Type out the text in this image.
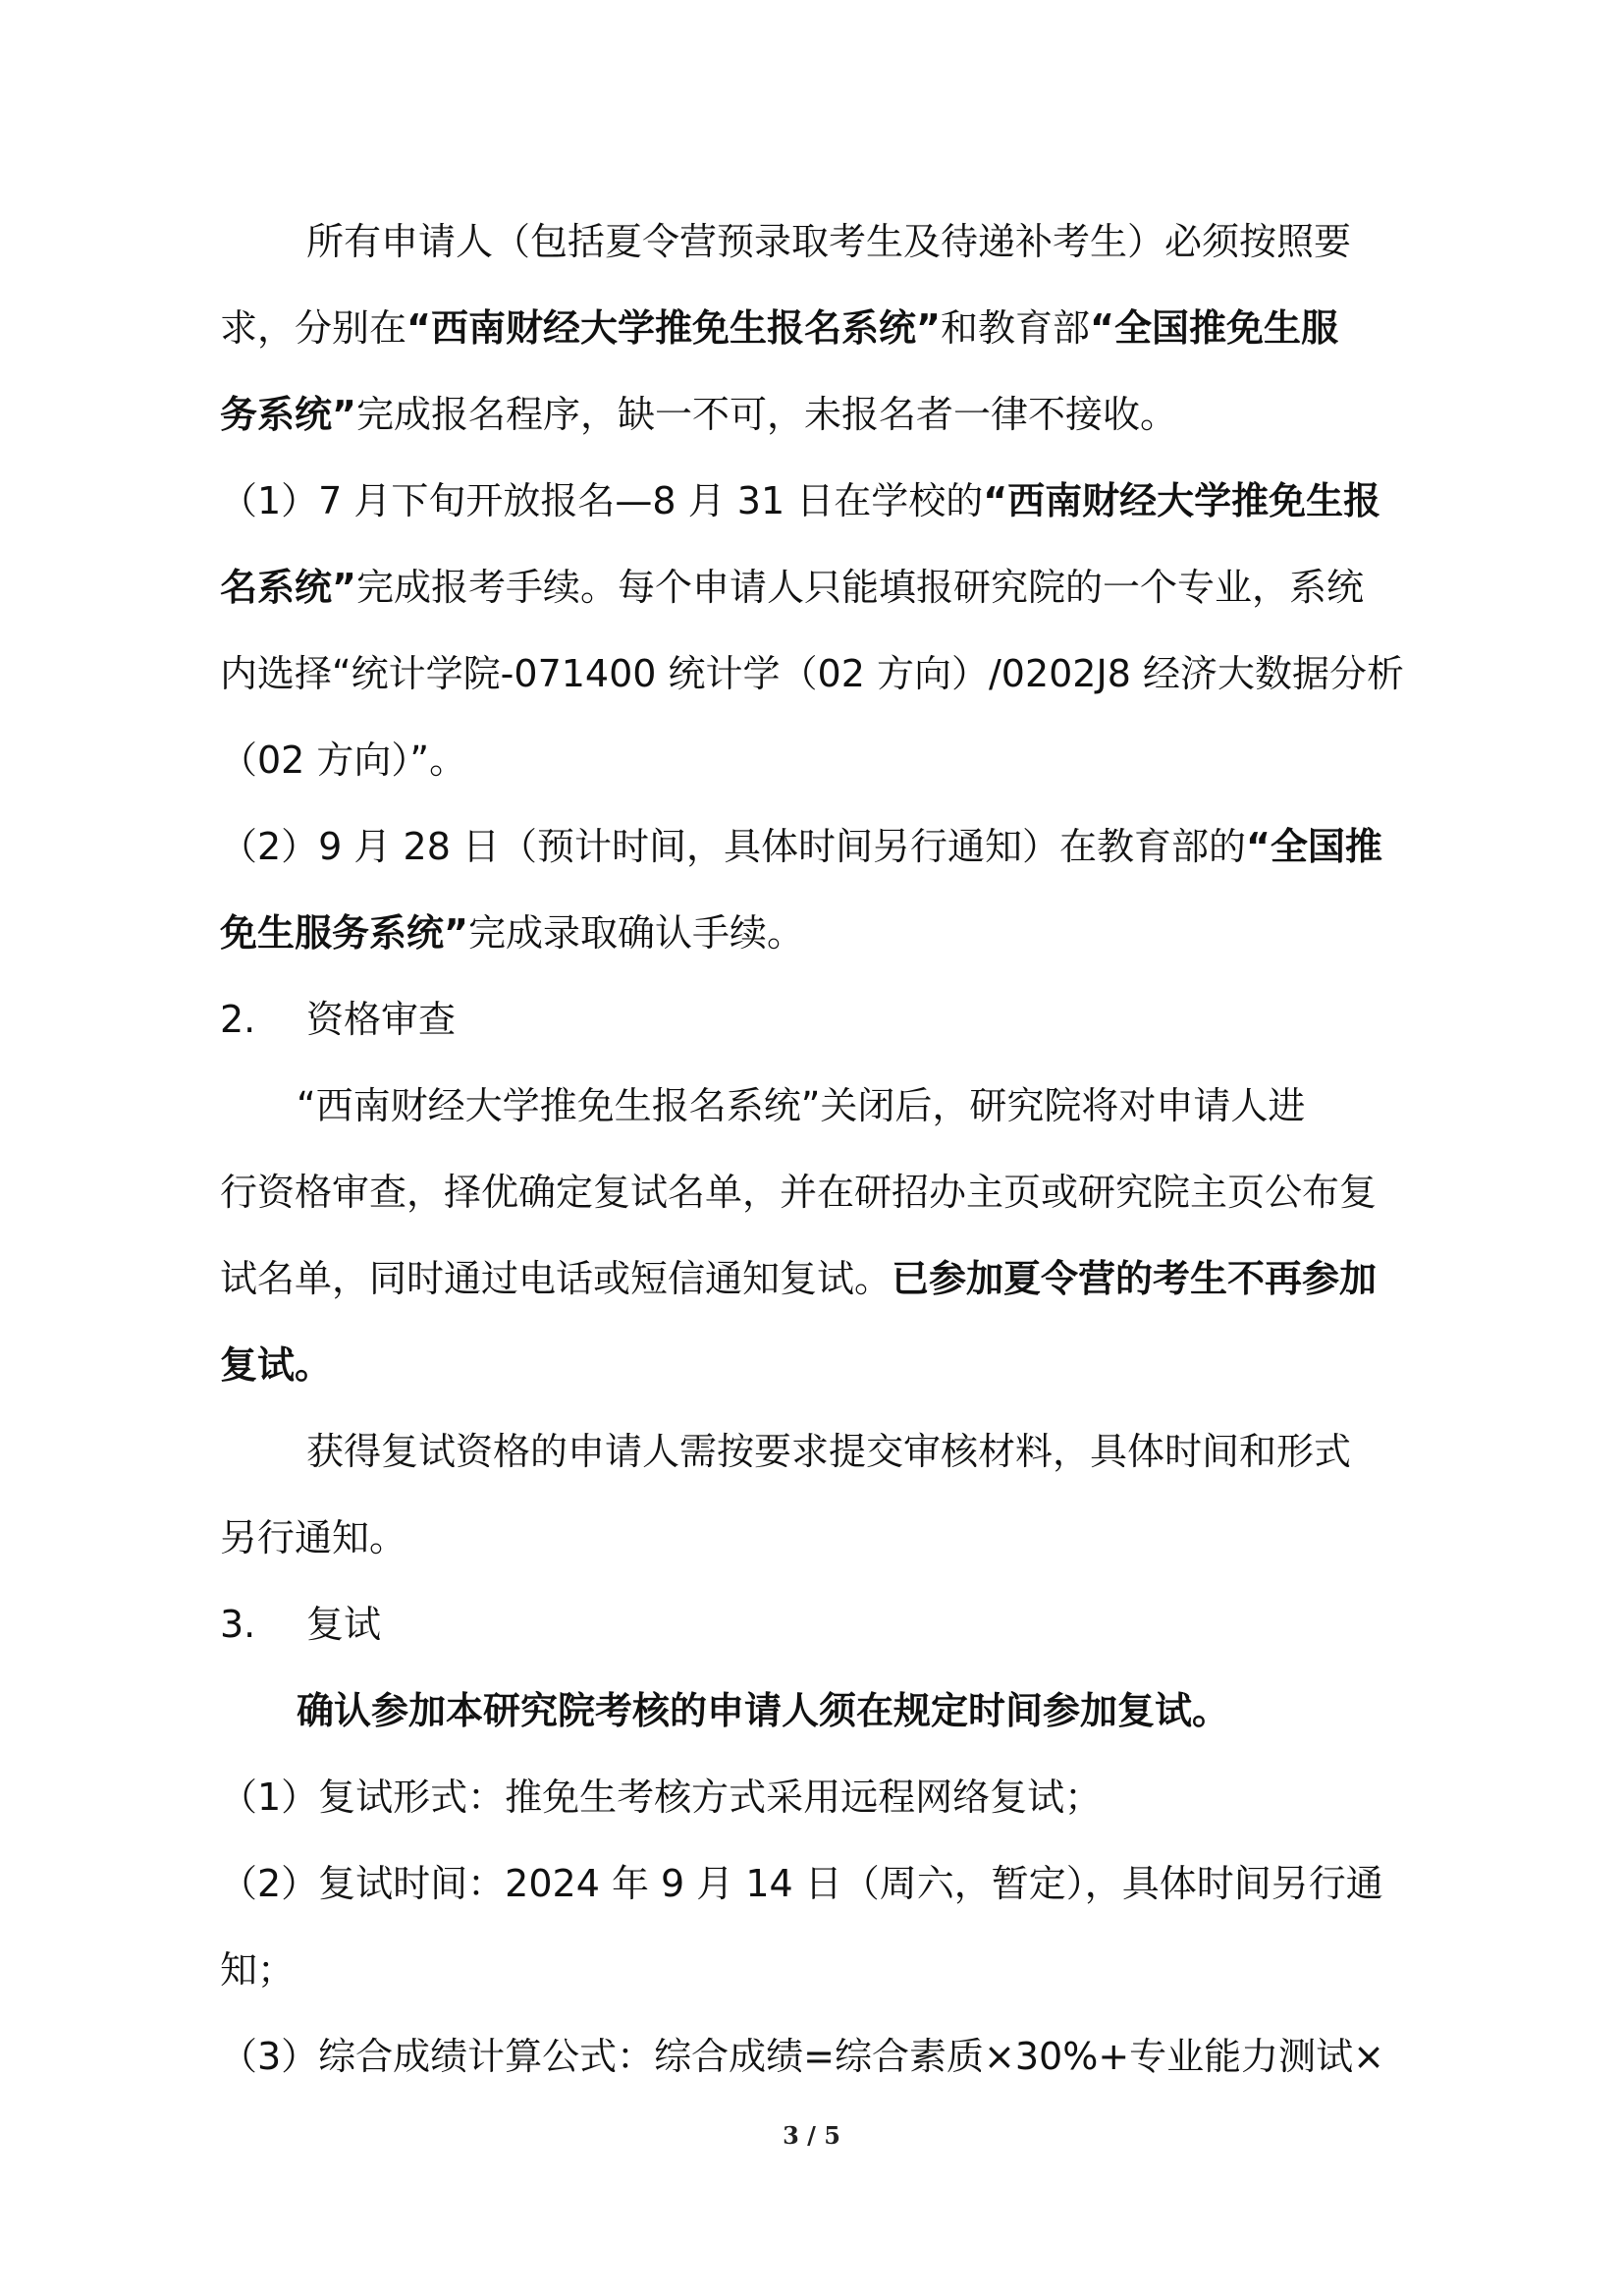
所有申请人（包括夏令营预录取考生及待递补考生）必须按照要
求，分别在“西南财经大学推免生报名系统”和教育部“全国推免生服
务系统”完成报名程序，缺一不可，未报名者一律不接收。
（1）7 月下旬开放报名—8 月 31 日在学校的“西南财经大学推免生报
名系统”完成报考手续。每个申请人只能填报研究院的一个专业，系统
内选择“统计学院-071400 统计学（02 方向）/0202J8 经济大数据分析
（02 方向）”。
（2）9 月 28 日（预计时间，具体时间另行通知）在教育部的“全国推
免生服务系统”完成录取确认手续。
2. 资格审查
“西南财经大学推免生报名系统”关闭后，研究院将对申请人进
行资格审查，择优确定复试名单，并在研招办主页或研究院主页公布复
试名单，同时通过电话或短信通知复试。已参加夏令营的考生不再参加
复试。
获得复试资格的申请人需按要求提交审核材料，具体时间和形式
另行通知。
3. 复试
确认参加本研究院考核的申请人须在规定时间参加复试。
（1）复试形式：推免生考核方式采用远程网络复试；
（2）复试时间：2024 年 9 月 14 日（周六，暂定），具体时间另行通
知；
（3）综合成绩计算公式：综合成绩=综合素质×30%+专业能力测试×
3 / 5
